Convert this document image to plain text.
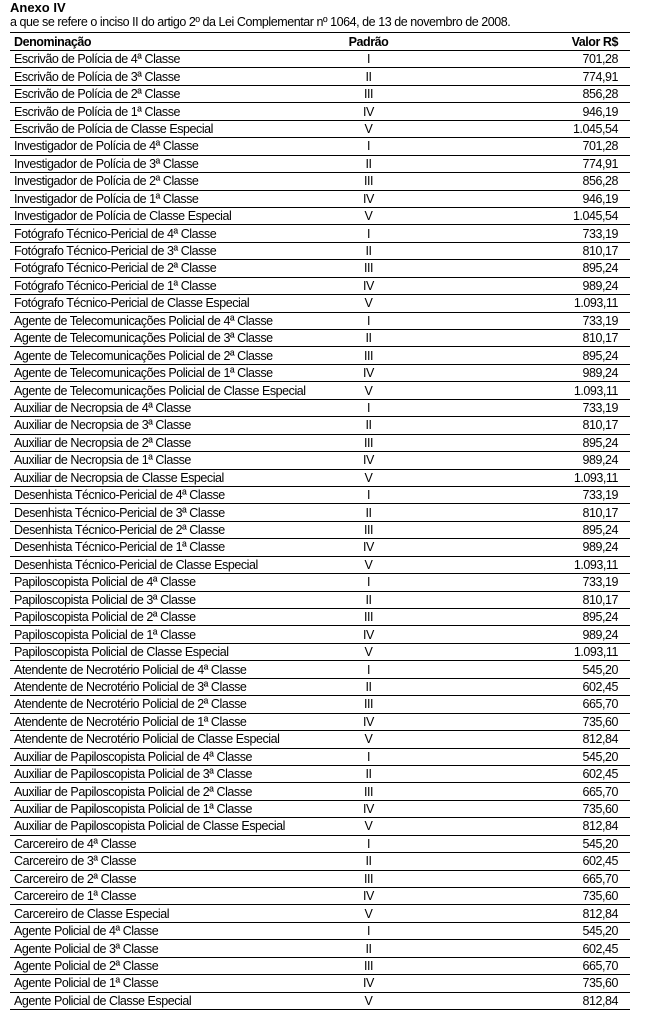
Anexo IV
a que se refere o inciso II do artigo 2º da Lei Complementar nº 1064, de 13 de novembro de 2008.
Denominação	Padrão	Valor R$
Escrivão de Polícia de 4ª Classe	I	701,28
Escrivão de Polícia de 3ª Classe	II	774,91
Escrivão de Polícia de 2ª Classe	III	856,28
Escrivão de Polícia de 1ª Classe	IV	946,19
Escrivão de Polícia de Classe Especial	V	1.045,54
Investigador de Polícia de 4ª Classe	I	701,28
Investigador de Polícia de 3ª Classe	II	774,91
Investigador de Polícia de 2ª Classe	III	856,28
Investigador de Polícia de 1ª Classe	IV	946,19
Investigador de Polícia de Classe Especial	V	1.045,54
Fotógrafo Técnico-Pericial de 4ª Classe	I	733,19
Fotógrafo Técnico-Pericial de 3ª Classe	II	810,17
Fotógrafo Técnico-Pericial de 2ª Classe	III	895,24
Fotógrafo Técnico-Pericial de 1ª Classe	IV	989,24
Fotógrafo Técnico-Pericial de Classe Especial	V	1.093,11
Agente de Telecomunicações Policial de 4ª Classe	I	733,19
Agente de Telecomunicações Policial de 3ª Classe	II	810,17
Agente de Telecomunicações Policial de 2ª Classe	III	895,24
Agente de Telecomunicações Policial de 1ª Classe	IV	989,24
Agente de Telecomunicações Policial de Classe Especial	V	1.093,11
Auxiliar de Necropsia de 4ª Classe	I	733,19
Auxiliar de Necropsia de 3ª Classe	II	810,17
Auxiliar de Necropsia de 2ª Classe	III	895,24
Auxiliar de Necropsia de 1ª Classe	IV	989,24
Auxiliar de Necropsia de Classe Especial	V	1.093,11
Desenhista Técnico-Pericial de 4ª Classe	I	733,19
Desenhista Técnico-Pericial de 3ª Classe	II	810,17
Desenhista Técnico-Pericial de 2ª Classe	III	895,24
Desenhista Técnico-Pericial de 1ª Classe	IV	989,24
Desenhista Técnico-Pericial de Classe Especial	V	1.093,11
Papiloscopista Policial de 4ª Classe	I	733,19
Papiloscopista Policial de 3ª Classe	II	810,17
Papiloscopista Policial de 2ª Classe	III	895,24
Papiloscopista Policial de 1ª Classe	IV	989,24
Papiloscopista Policial de Classe Especial	V	1.093,11
Atendente de Necrotério Policial de 4ª Classe	I	545,20
Atendente de Necrotério Policial de 3ª Classe	II	602,45
Atendente de Necrotério Policial de 2ª Classe	III	665,70
Atendente de Necrotério Policial de 1ª Classe	IV	735,60
Atendente de Necrotério Policial de Classe Especial	V	812,84
Auxiliar de Papiloscopista Policial de 4ª Classe	I	545,20
Auxiliar de Papiloscopista Policial de 3ª Classe	II	602,45
Auxiliar de Papiloscopista Policial de 2ª Classe	III	665,70
Auxiliar de Papiloscopista Policial de 1ª Classe	IV	735,60
Auxiliar de Papiloscopista Policial de Classe Especial	V	812,84
Carcereiro de 4ª Classe	I	545,20
Carcereiro de 3ª Classe	II	602,45
Carcereiro de 2ª Classe	III	665,70
Carcereiro de 1ª Classe	IV	735,60
Carcereiro de Classe Especial	V	812,84
Agente Policial de 4ª Classe	I	545,20
Agente Policial de 3ª Classe	II	602,45
Agente Policial de 2ª Classe	III	665,70
Agente Policial de 1ª Classe	IV	735,60
Agente Policial de Classe Especial	V	812,84
